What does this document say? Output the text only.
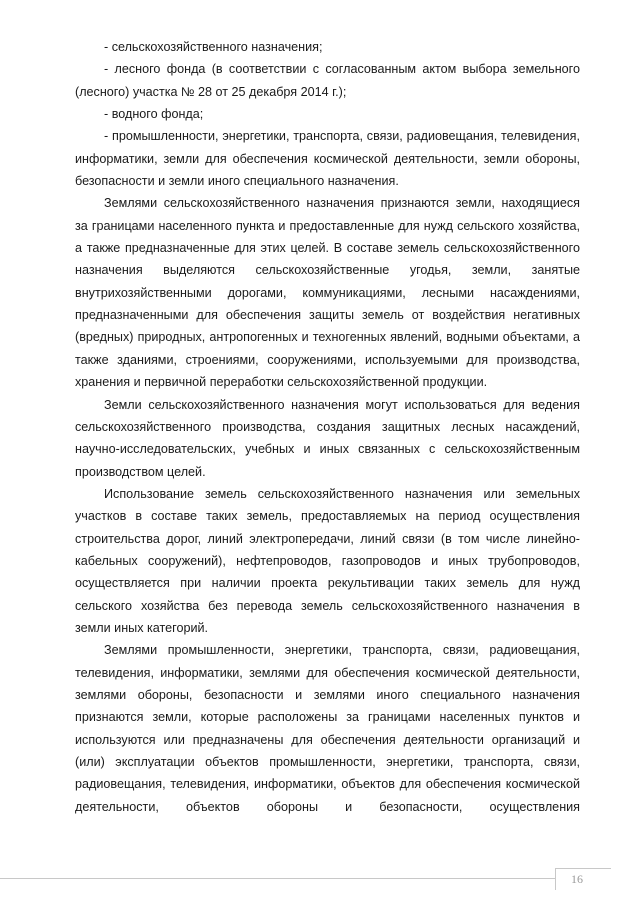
- сельскохозяйственного назначения;

- лесного фонда (в соответствии с согласованным актом выбора земельного (лесного) участка № 28 от 25 декабря 2014 г.);

- водного фонда;

- промышленности, энергетики, транспорта, связи, радиовещания, телевидения, информатики, земли для обеспечения космической деятельности, земли обороны, безопасности и земли иного специального назначения.

Землями сельскохозяйственного назначения признаются земли, находящиеся за границами населенного пункта и предоставленные для нужд сельского хозяйства, а также предназначенные для этих целей. В составе земель сельскохозяйственного назначения выделяются сельскохозяйственные угодья, земли, занятые внутрихозяйственными дорогами, коммуникациями, лесными насаждениями, предназначенными для обеспечения защиты земель от воздействия негативных (вредных) природных, антропогенных и техногенных явлений, водными объектами, а также зданиями, строениями, сооружениями, используемыми для производства, хранения и первичной переработки сельскохозяйственной продукции.

Земли сельскохозяйственного назначения могут использоваться для ведения сельскохозяйственного производства, создания защитных лесных насаждений, научно-исследовательских, учебных и иных связанных с сельскохозяйственным производством целей.

Использование земель сельскохозяйственного назначения или земельных участков в составе таких земель, предоставляемых на период осуществления строительства дорог, линий электропередачи, линий связи (в том числе линейно-кабельных сооружений), нефтепроводов, газопроводов и иных трубопроводов, осуществляется при наличии проекта рекультивации таких земель для нужд сельского хозяйства без перевода земель сельскохозяйственного назначения в земли иных категорий.

Землями промышленности, энергетики, транспорта, связи, радиовещания, телевидения, информатики, землями для обеспечения космической деятельности, землями обороны, безопасности и землями иного специального назначения признаются земли, которые расположены за границами населенных пунктов и используются или предназначены для обеспечения деятельности организаций и (или) эксплуатации объектов промышленности, энергетики, транспорта, связи, радиовещания, телевидения, информатики, объектов для обеспечения космической деятельности, объектов обороны и безопасности, осуществления

16
